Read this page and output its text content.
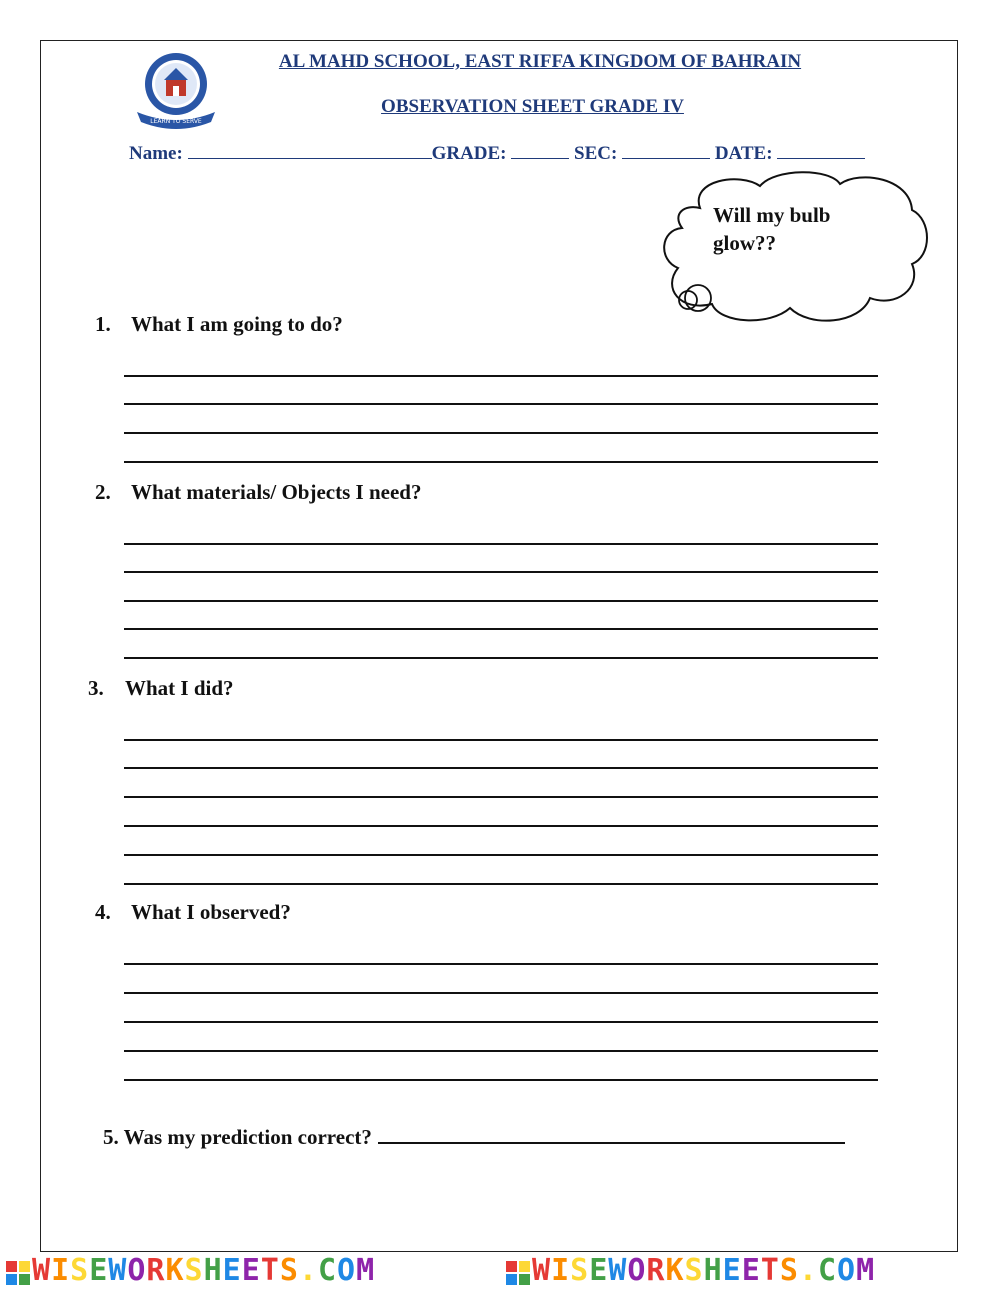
LEARN TO SERVE
AL MAHD SCHOOL, EAST RIFFA KINGDOM OF BAHRAIN
OBSERVATION SHEET GRADE IV
Name:	GRADE:	SEC:	DATE:
Will my bulb
glow??
1. What I am going to do?
2. What materials/ Objects I need?
3. What I did?
4. What I observed?
5. Was my prediction correct?
WISEWORKSHEETS.COM	WISEWORKSHEETS.COM
